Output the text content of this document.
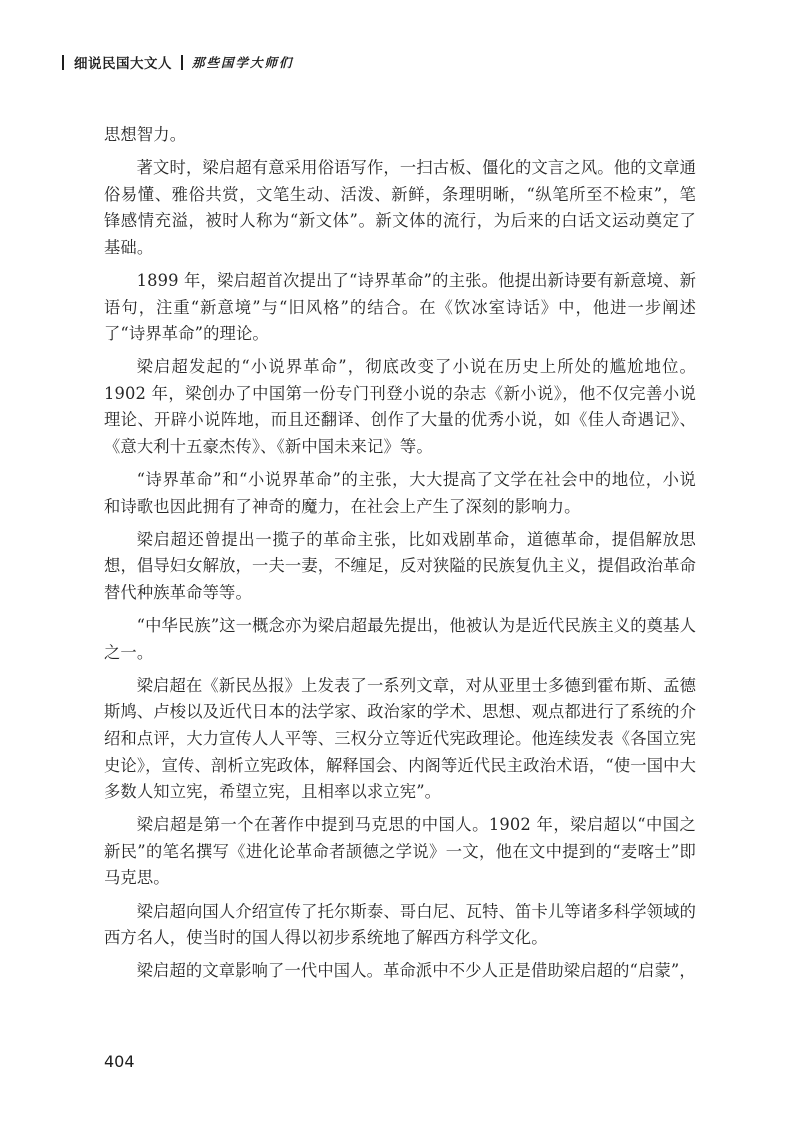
细说民国大文人 那些国学大师们

思想智力。

著文时，梁启超有意采用俗语写作，一扫古板、僵化的文言之风。他的文章通俗易懂、雅俗共赏，文笔生动、活泼、新鲜，条理明晰，“纵笔所至不检束”，笔锋感情充溢，被时人称为“新文体”。新文体的流行，为后来的白话文运动奠定了基础。

1899 年，梁启超首次提出了“诗界革命”的主张。他提出新诗要有新意境、新语句，注重“新意境”与“旧风格”的结合。在《饮冰室诗话》中，他进一步阐述了“诗界革命”的理论。

梁启超发起的“小说界革命”，彻底改变了小说在历史上所处的尴尬地位。1902 年，梁创办了中国第一份专门刊登小说的杂志《新小说》，他不仅完善小说理论、开辟小说阵地，而且还翻译、创作了大量的优秀小说，如《佳人奇遇记》、《意大利十五豪杰传》、《新中国未来记》等。

“诗界革命”和“小说界革命”的主张，大大提高了文学在社会中的地位，小说和诗歌也因此拥有了神奇的魔力，在社会上产生了深刻的影响力。

梁启超还曾提出一揽子的革命主张，比如戏剧革命，道德革命，提倡解放思想，倡导妇女解放，一夫一妻，不缠足，反对狭隘的民族复仇主义，提倡政治革命替代种族革命等等。

“中华民族”这一概念亦为梁启超最先提出，他被认为是近代民族主义的奠基人之一。

梁启超在《新民丛报》上发表了一系列文章，对从亚里士多德到霍布斯、孟德斯鸠、卢梭以及近代日本的法学家、政治家的学术、思想、观点都进行了系统的介绍和点评，大力宣传人人平等、三权分立等近代宪政理论。他连续发表《各国立宪史论》，宣传、剖析立宪政体，解释国会、内阁等近代民主政治术语，“使一国中大多数人知立宪，希望立宪，且相率以求立宪”。

梁启超是第一个在著作中提到马克思的中国人。1902 年，梁启超以“中国之新民”的笔名撰写《进化论革命者颉德之学说》一文，他在文中提到的“麦喀士”即马克思。

梁启超向国人介绍宣传了托尔斯泰、哥白尼、瓦特、笛卡儿等诸多科学领域的西方名人，使当时的国人得以初步系统地了解西方科学文化。

梁启超的文章影响了一代中国人。革命派中不少人正是借助梁启超的“启蒙”，

404
